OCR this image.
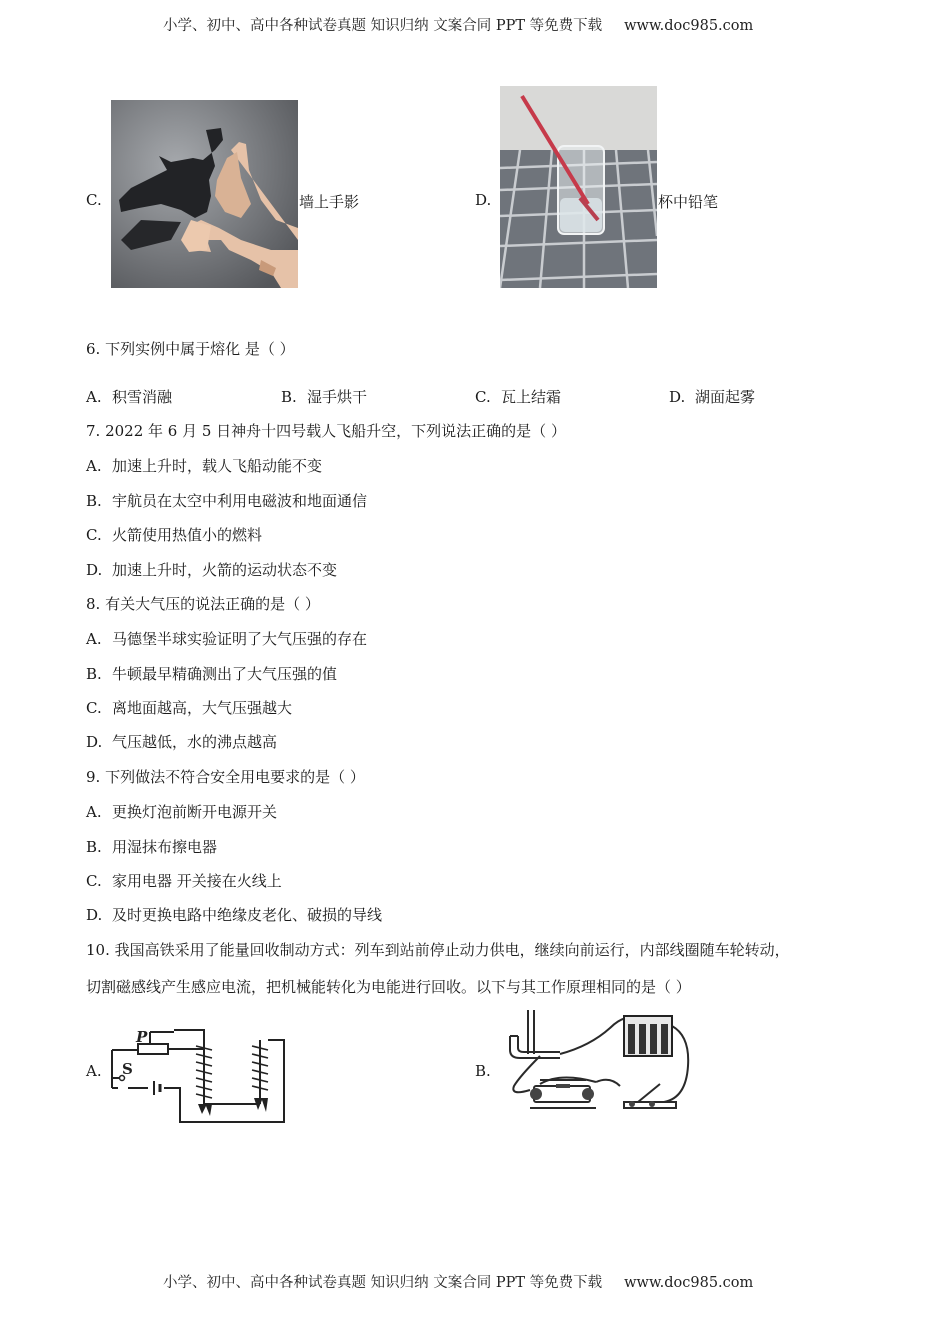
小学、初中、高中各种试卷真题 知识归纳 文案合同 PPT 等免费下载 www.doc985.com
C.	墙上手影	D.	杯中铅笔
6. 下列实例中属于熔化 是（ ）
A. 积雪消融	B. 湿手烘干	C. 瓦上结霜	D. 湖面起雾
7. 2022 年 6 月 5 日神舟十四号载人飞船升空，下列说法正确的是（ ）
A. 加速上升时，载人飞船动能不变
B. 宇航员在太空中利用电磁波和地面通信
C. 火箭使用热值小的燃料
D. 加速上升时，火箭的运动状态不变
8. 有关大气压的说法正确的是（ ）
A. 马德堡半球实验证明了大气压强的存在
B. 牛顿最早精确测出了大气压强的值
C. 离地面越高，大气压强越大
D. 气压越低，水的沸点越高
9. 下列做法不符合安全用电要求的是（ ）
A. 更换灯泡前断开电源开关
B. 用湿抹布擦电器
C. 家用电器 开关接在火线上
D. 及时更换电路中绝缘皮老化、破损的导线
10. 我国高铁采用了能量回收制动方式：列车到站前停止动力供电，继续向前运行，内部线圈随车轮转动，
切割磁感线产生感应电流，把机械能转化为电能进行回收。以下与其工作原理相同的是（ ）
A.
P
S	B.
小学、初中、高中各种试卷真题 知识归纳 文案合同 PPT 等免费下载 www.doc985.com
